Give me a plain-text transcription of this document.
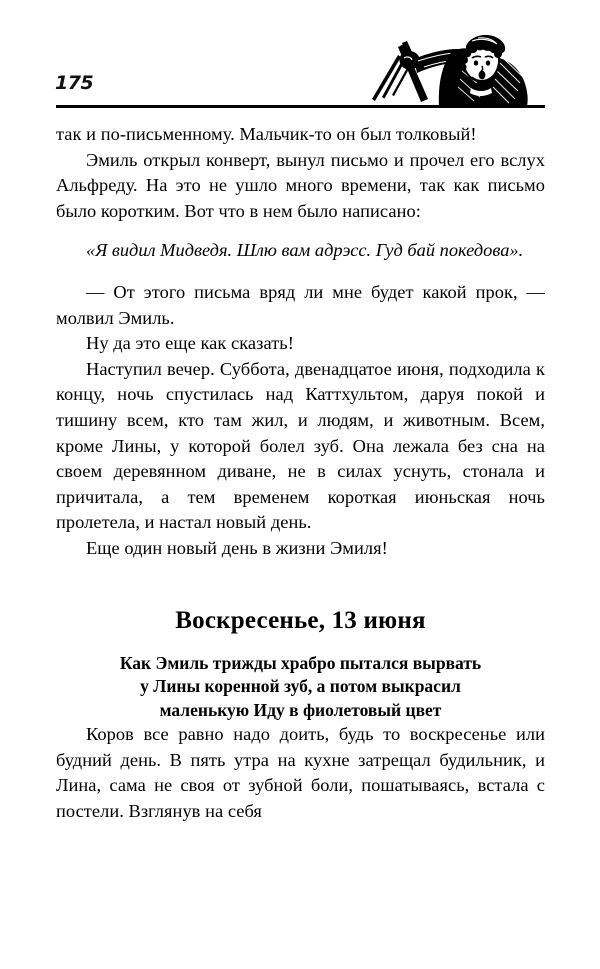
175

так и по-письменному. Мальчик-то он был толковый!

Эмиль открыл конверт, вынул письмо и прочел его вслух Альфреду. На это не ушло много времени, так как письмо было коротким. Вот что в нем было написано:

«Я видил Мидведя. Шлю вам адрэсс. Гуд бай покедова».

— От этого письма вряд ли мне будет какой прок, — молвил Эмиль.

Ну да это еще как сказать!

Наступил вечер. Суббота, двенадцатое июня, подходила к концу, ночь спустилась над Каттхультом, даруя покой и тишину всем, кто там жил, и людям, и животным. Всем, кроме Лины, у которой болел зуб. Она лежала без сна на своем деревянном диване, не в силах уснуть, стонала и причитала, а тем временем короткая июньская ночь пролетела, и настал новый день.

Еще один новый день в жизни Эмиля!

Воскресенье, 13 июня
Как Эмиль трижды храбро пытался вырвать
у Лины коренной зуб, а потом выкрасил
маленькую Иду в фиолетовый цвет

Коров все равно надо доить, будь то воскресенье или будний день. В пять утра на кухне затрещал будильник, и Лина, сама не своя от зубной боли, пошатываясь, встала с постели. Взглянув на себя
